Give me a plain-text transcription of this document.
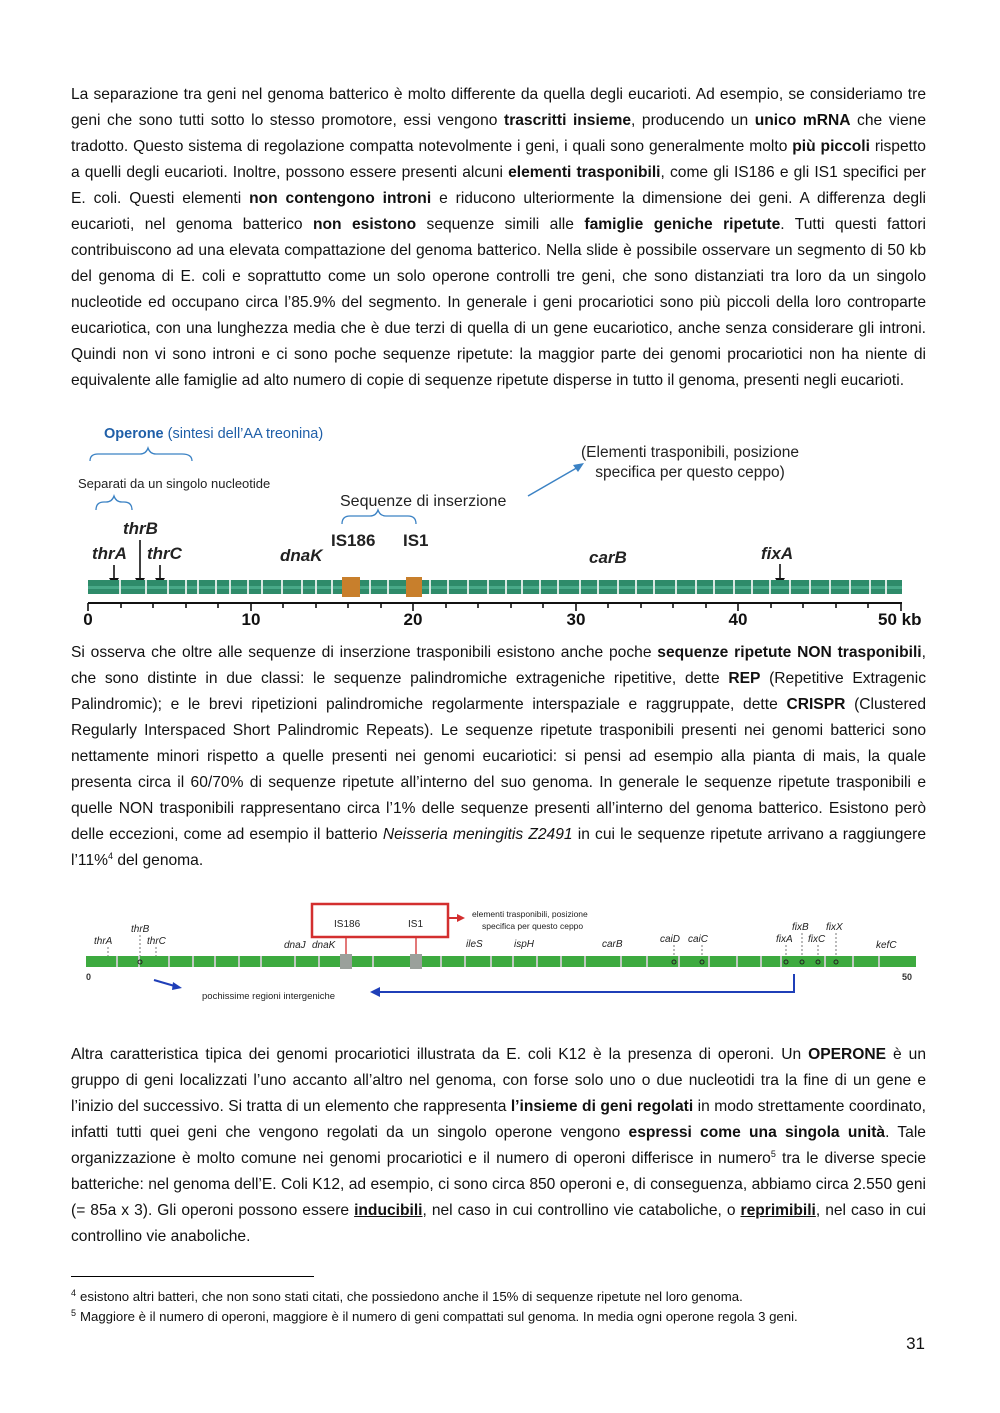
La separazione tra geni nel genoma batterico è molto differente da quella degli eucarioti. Ad esempio, se consideriamo tre geni che sono tutti sotto lo stesso promotore, essi vengono trascritti insieme, producendo un unico mRNA che viene tradotto. Questo sistema di regolazione compatta notevolmente i geni, i quali sono generalmente molto più piccoli rispetto a quelli degli eucarioti. Inoltre, possono essere presenti alcuni elementi trasponibili, come gli IS186 e gli IS1 specifici per E. coli. Questi elementi non contengono introni e riducono ulteriormente la dimensione dei geni. A differenza degli eucarioti, nel genoma batterico non esistono sequenze simili alle famiglie geniche ripetute. Tutti questi fattori contribuiscono ad una elevata compattazione del genoma batterico. Nella slide è possibile osservare un segmento di 50 kb del genoma di E. coli e soprattutto come un solo operone controlli tre geni, che sono distanziati tra loro da un singolo nucleotide ed occupano circa l’85.9% del segmento. In generale i geni procariotici sono più piccoli della loro controparte eucariotica, con una lunghezza media che è due terzi di quella di un gene eucariotico, anche senza considerare gli introni. Quindi non vi sono introni e ci sono poche sequenze ripetute: la maggior parte dei genomi procariotici non ha niente di equivalente alle famiglie ad alto numero di copie di sequenze ripetute disperse in tutto il genoma, presenti negli eucarioti.

Operone (sintesi dell’AA treonina)
Separati da un singolo nucleotide
(Elementi trasponibili, posizione
specifica per questo ceppo)
Sequenze di inserzione
thrB
thrA thrC	dnaK	carB	fixA
IS186 IS1
0	10	20	30	40	50 kb

Si osserva che oltre alle sequenze di inserzione trasponibili esistono anche poche sequenze ripetute NON trasponibili, che sono distinte in due classi: le sequenze palindromiche extrageniche ripetitive, dette REP (Repetitive Extragenic Palindromic); e le brevi ripetizioni palindromiche regolarmente interspaziale e raggruppate, dette CRISPR (Clustered Regularly Interspaced Short Palindromic Repeats). Le sequenze ripetute trasponibili presenti nei genomi batterici sono nettamente minori rispetto a quelle presenti nei genomi eucariotici: si pensi ad esempio alla pianta di mais, la quale presenta circa il 60/70% di sequenze ripetute all’interno del suo genoma. In generale le sequenze ripetute trasponibili e quelle NON trasponibili rappresentano circa l’1% delle sequenze presenti all’interno del genoma batterico. Esistono però delle eccezioni, come ad esempio il batterio Neisseria meningitis Z2491 in cui le sequenze ripetute arrivano a raggiungere l’11%$^4$ del genoma.

elementi trasponibili, posizione
specifica per questo ceppo
IS186	IS1
thrB
thrA	thrC	dnaJ dnaK	ileS	ispH	carB	caiD caiC
fixB fixX
fixA fixC
kefC
0	50
pochissime regioni intergeniche

Altra caratteristica tipica dei genomi procariotici illustrata da E. coli K12 è la presenza di operoni. Un OPERONE è un gruppo di geni localizzati l’uno accanto all’altro nel genoma, con forse solo uno o due nucleotidi tra la fine di un gene e l’inizio del successivo. Si tratta di un elemento che rappresenta l’insieme di geni regolati in modo strettamente coordinato, infatti tutti quei geni che vengono regolati da un singolo operone vengono espressi come una singola unità. Tale organizzazione è molto comune nei genomi procariotici e il numero di operoni differisce in numero$^5$ tra le diverse specie batteriche: nel genoma dell’E. Coli K12, ad esempio, ci sono circa 850 operoni e, di conseguenza, abbiamo circa 2.550 geni (= 85a x 3). Gli operoni possono essere inducibili, nel caso in cui controllino vie cataboliche, o reprimibili, nel caso in cui controllino vie anaboliche.

$^4$ esistono altri batteri, che non sono stati citati, che possiedono anche il 15% di sequenze ripetute nel loro genoma.
$^5$ Maggiore è il numero di operoni, maggiore è il numero di geni compattati sul genoma. In media ogni operone regola 3 geni.
31
